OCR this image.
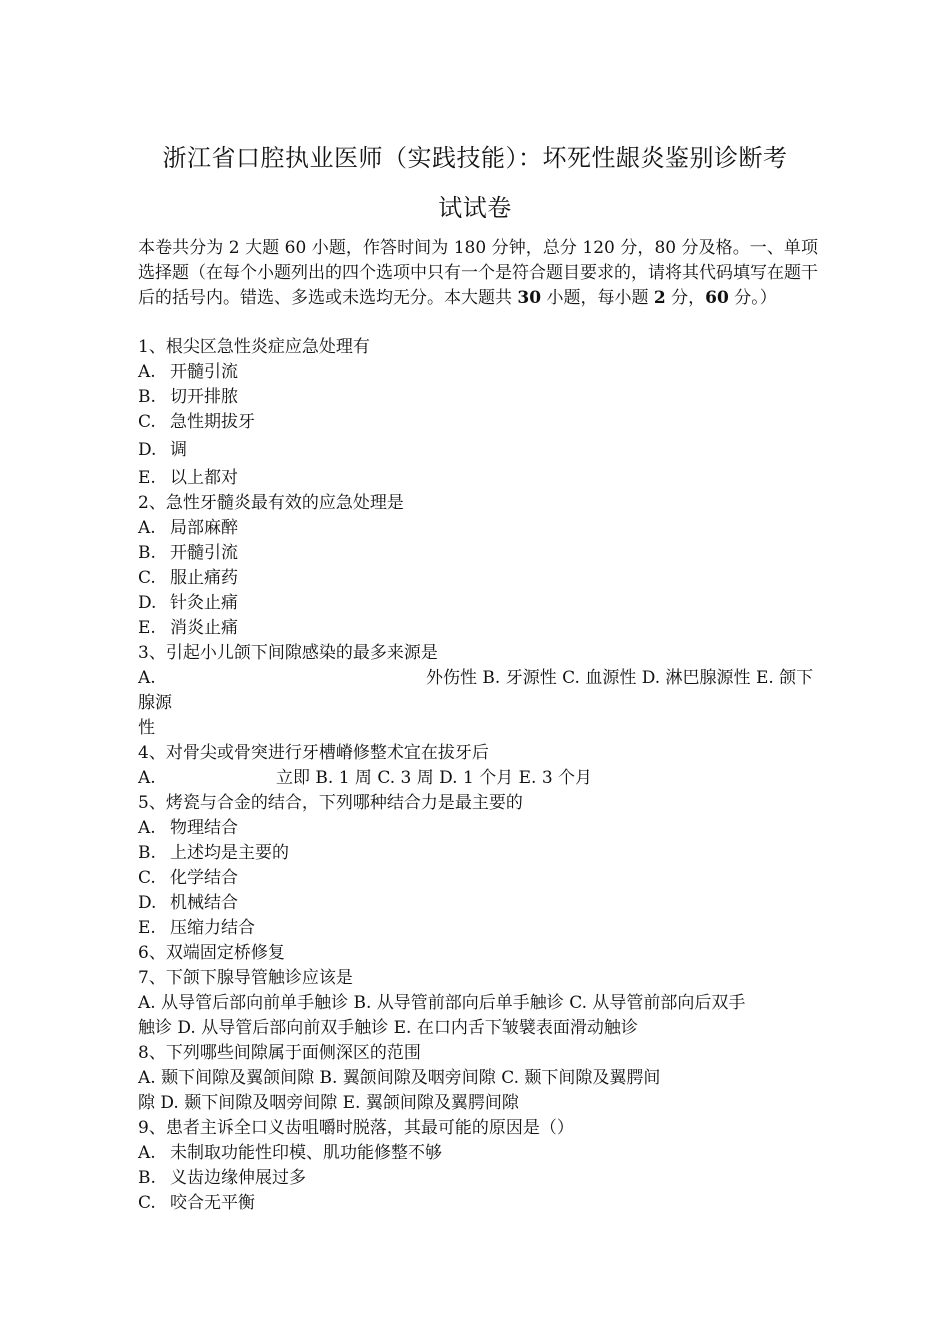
浙江省口腔执业医师（实践技能）：坏死性龈炎鉴别诊断考
试试卷
本卷共分为 2 大题 60 小题，作答时间为 180 分钟，总分 120 分，80 分及格。一、单项选择题（在每个小题列出的四个选项中只有一个是符合题目要求的，请将其代码填写在题干后的括号内。错选、多选或未选均无分。本大题共 30 小题，每小题 2 分，60 分。）
1、根尖区急性炎症应急处理有
A. 开髓引流
B. 切开排脓
C. 急性期拔牙
D. 调
E. 以上都对
2、急性牙髓炎最有效的应急处理是
A. 局部麻醉
B. 开髓引流
C. 服止痛药
D. 针灸止痛
E. 消炎止痛
3、引起小儿颌下间隙感染的最多来源是
A.	外伤性 B. 牙源性 C. 血源性 D. 淋巴腺源性 E. 颌下
腺源
性
4、对骨尖或骨突进行牙槽嵴修整术宜在拔牙后
A.	立即 B. 1 周 C. 3 周 D. 1 个月 E. 3 个月
5、烤瓷与合金的结合，下列哪种结合力是最主要的
A. 物理结合
B. 上述均是主要的
C. 化学结合
D. 机械结合
E. 压缩力结合
6、双端固定桥修复
7、下颌下腺导管触诊应该是
A. 从导管后部向前单手触诊 B. 从导管前部向后单手触诊 C. 从导管前部向后双手
触诊 D. 从导管后部向前双手触诊 E. 在口内舌下皱襞表面滑动触诊
8、下列哪些间隙属于面侧深区的范围
A. 颞下间隙及翼颌间隙 B. 翼颌间隙及咽旁间隙 C. 颞下间隙及翼腭间
隙 D. 颞下间隙及咽旁间隙 E. 翼颌间隙及翼腭间隙
9、患者主诉全口义齿咀嚼时脱落，其最可能的原因是（）
A. 未制取功能性印模、肌功能修整不够
B. 义齿边缘伸展过多
C. 咬合无平衡
